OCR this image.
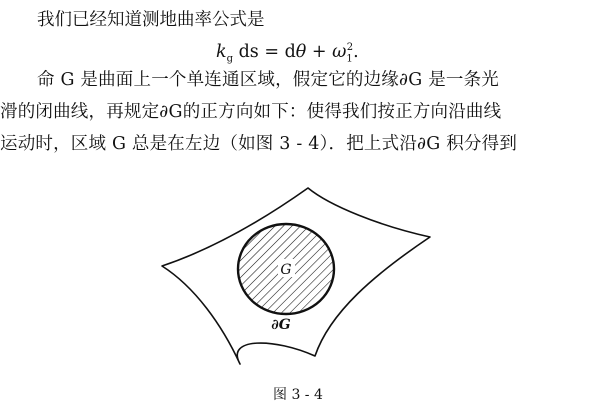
我们已经知道测地曲率公式是
$k_g$ ds = $d\theta + \omega_1^2$.
命 G 是曲面上一个单连通区域，假定它的边缘∂G 是一条光
滑的闭曲线，再规定∂G的正方向如下：使得我们按正方向沿曲线
运动时，区域 G 总是在左边（如图 3 - 4）．把上式沿∂G 积分得到
G
∂G
图 3 - 4
